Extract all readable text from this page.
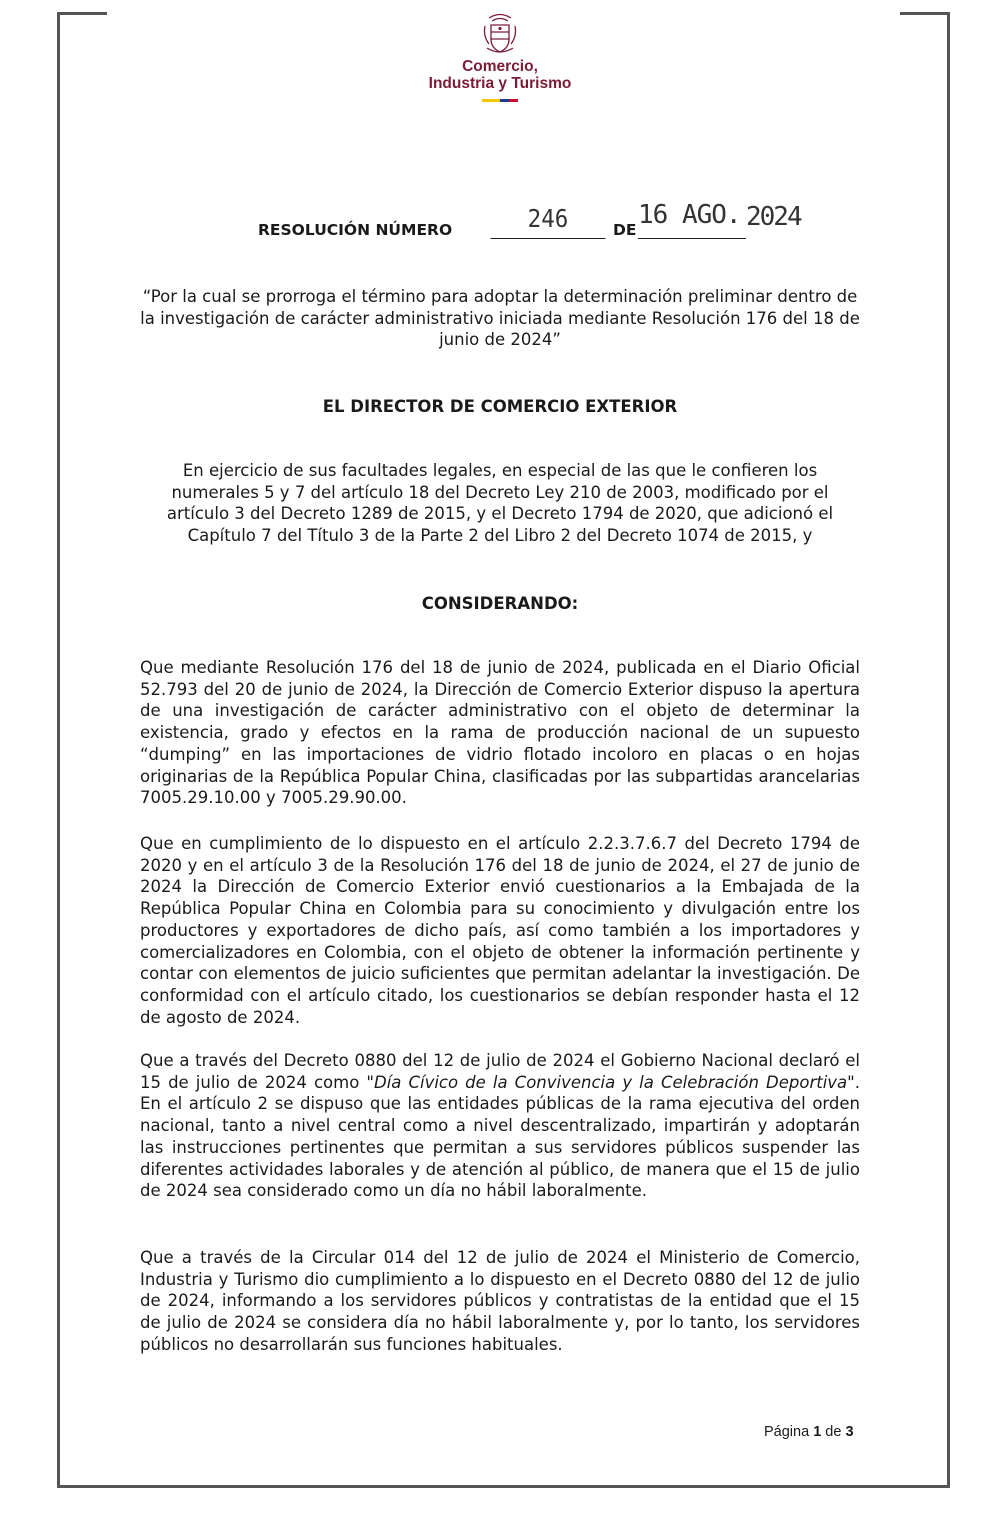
Comercio,
Industria y Turismo
RESOLUCIÓN NÚMERO	246	DE 16 AGO. 2024
“Por la cual se prorroga el término para adoptar la determinación preliminar dentro de la investigación de carácter administrativo iniciada mediante Resolución 176 del 18 de junio de 2024”
EL DIRECTOR DE COMERCIO EXTERIOR
En ejercicio de sus facultades legales, en especial de las que le confieren los numerales 5 y 7 del artículo 18 del Decreto Ley 210 de 2003, modificado por el artículo 3 del Decreto 1289 de 2015, y el Decreto 1794 de 2020, que adicionó el Capítulo 7 del Título 3 de la Parte 2 del Libro 2 del Decreto 1074 de 2015, y
CONSIDERANDO:
Que mediante Resolución 176 del 18 de junio de 2024, publicada en el Diario Oficial 52.793 del 20 de junio de 2024, la Dirección de Comercio Exterior dispuso la apertura de una investigación de carácter administrativo con el objeto de determinar la existencia, grado y efectos en la rama de producción nacional de un supuesto “dumping” en las importaciones de vidrio flotado incoloro en placas o en hojas originarias de la República Popular China, clasificadas por las subpartidas arancelarias 7005.29.10.00 y 7005.29.90.00.
Que en cumplimiento de lo dispuesto en el artículo 2.2.3.7.6.7 del Decreto 1794 de 2020 y en el artículo 3 de la Resolución 176 del 18 de junio de 2024, el 27 de junio de 2024 la Dirección de Comercio Exterior envió cuestionarios a la Embajada de la República Popular China en Colombia para su conocimiento y divulgación entre los productores y exportadores de dicho país, así como también a los importadores y comercializadores en Colombia, con el objeto de obtener la información pertinente y contar con elementos de juicio suficientes que permitan adelantar la investigación. De conformidad con el artículo citado, los cuestionarios se debían responder hasta el 12 de agosto de 2024.
Que a través del Decreto 0880 del 12 de julio de 2024 el Gobierno Nacional declaró el 15 de julio de 2024 como "Día Cívico de la Convivencia y la Celebración Deportiva". En el artículo 2 se dispuso que las entidades públicas de la rama ejecutiva del orden nacional, tanto a nivel central como a nivel descentralizado, impartirán y adoptarán las instrucciones pertinentes que permitan a sus servidores públicos suspender las diferentes actividades laborales y de atención al público, de manera que el 15 de julio de 2024 sea considerado como un día no hábil laboralmente.
Que a través de la Circular 014 del 12 de julio de 2024 el Ministerio de Comercio, Industria y Turismo dio cumplimiento a lo dispuesto en el Decreto 0880 del 12 de julio de 2024, informando a los servidores públicos y contratistas de la entidad que el 15 de julio de 2024 se considera día no hábil laboralmente y, por lo tanto, los servidores públicos no desarrollarán sus funciones habituales.
Página 1 de 3
